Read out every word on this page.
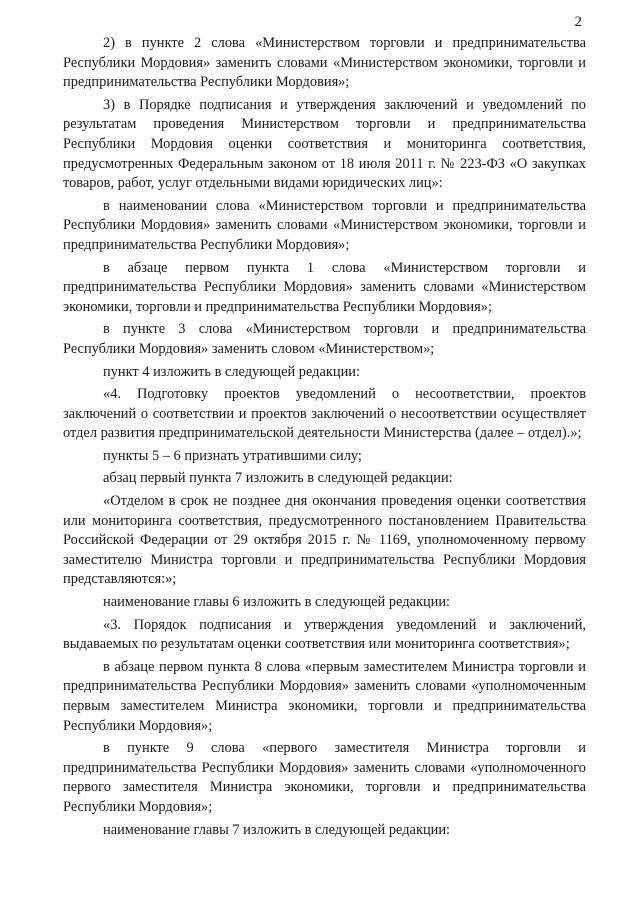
2

2) в пункте 2 слова «Министерством торговли и предпринимательства Республики Мордовия» заменить словами «Министерством экономики, торговли и предпринимательства Республики Мордовия»;

3) в Порядке подписания и утверждения заключений и уведомлений по результатам проведения Министерством торговли и предпринимательства Республики Мордовия оценки соответствия и мониторинга соответствия, предусмотренных Федеральным законом от 18 июля 2011 г. № 223-ФЗ «О закупках товаров, работ, услуг отдельными видами юридических лиц»:

в наименовании слова «Министерством торговли и предпринимательства Республики Мордовия» заменить словами «Министерством экономики, торговли и предпринимательства Республики Мордовия»;

в абзаце первом пункта 1 слова «Министерством торговли и предпринимательства Республики Мордовия» заменить словами «Министерством экономики, торговли и предпринимательства Республики Мордовия»;

в пункте 3 слова «Министерством торговли и предпринимательства Республики Мордовия» заменить словом «Министерством»;

пункт 4 изложить в следующей редакции:

«4. Подготовку проектов уведомлений о несоответствии, проектов заключений о соответствии и проектов заключений о несоответствии осуществляет отдел развития предпринимательской деятельности Министерства (далее – отдел).»;

пункты 5 – 6 признать утратившими силу;

абзац первый пункта 7 изложить в следующей редакции:

«Отделом в срок не позднее дня окончания проведения оценки соответствия или мониторинга соответствия, предусмотренного постановлением Правительства Российской Федерации от 29 октября 2015 г. № 1169, уполномоченному первому заместителю Министра торговли и предпринимательства Республики Мордовия представляются:»;

наименование главы 6 изложить в следующей редакции:

«3. Порядок подписания и утверждения уведомлений и заключений, выдаваемых по результатам оценки соответствия или мониторинга соответствия»;

в абзаце первом пункта 8 слова «первым заместителем Министра торговли и предпринимательства Республики Мордовия» заменить словами «уполномоченным первым заместителем Министра экономики, торговли и предпринимательства Республики Мордовия»;

в пункте 9 слова «первого заместителя Министра торговли и предпринимательства Республики Мордовия» заменить словами «уполномоченного первого заместителя Министра экономики, торговли и предпринимательства Республики Мордовия»;

наименование главы 7 изложить в следующей редакции:
